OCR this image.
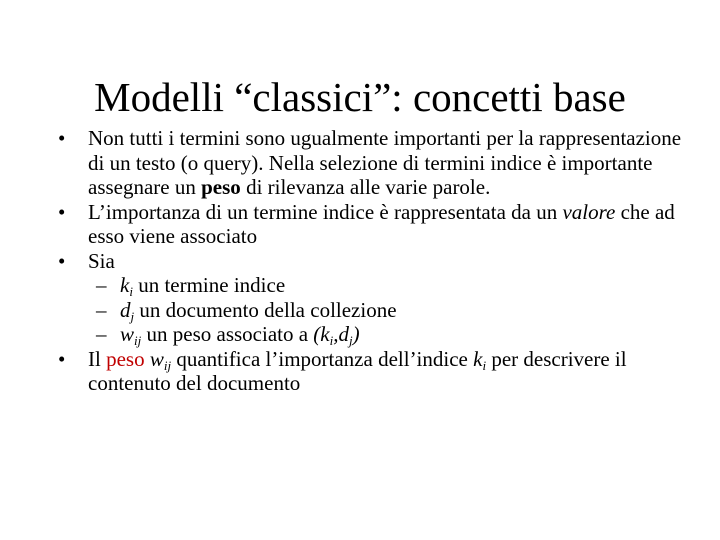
Modelli “classici”: concetti base
• Non tutti i termini sono ugualmente importanti per la rappresentazione di un testo (o query). Nella selezione di termini indice è importante assegnare un peso di rilevanza alle varie parole.
• L’importanza di un termine indice è rappresentata da un valore che ad esso viene associato
• Sia
– $k_i$ un termine indice
– $d_j$ un documento della collezione
– $w_{ij}$ un peso associato a $(k_i,d_j)$
• Il peso $w_{ij}$ quantifica l’importanza dell’indice $k_i$ per descrivere il contenuto del documento
